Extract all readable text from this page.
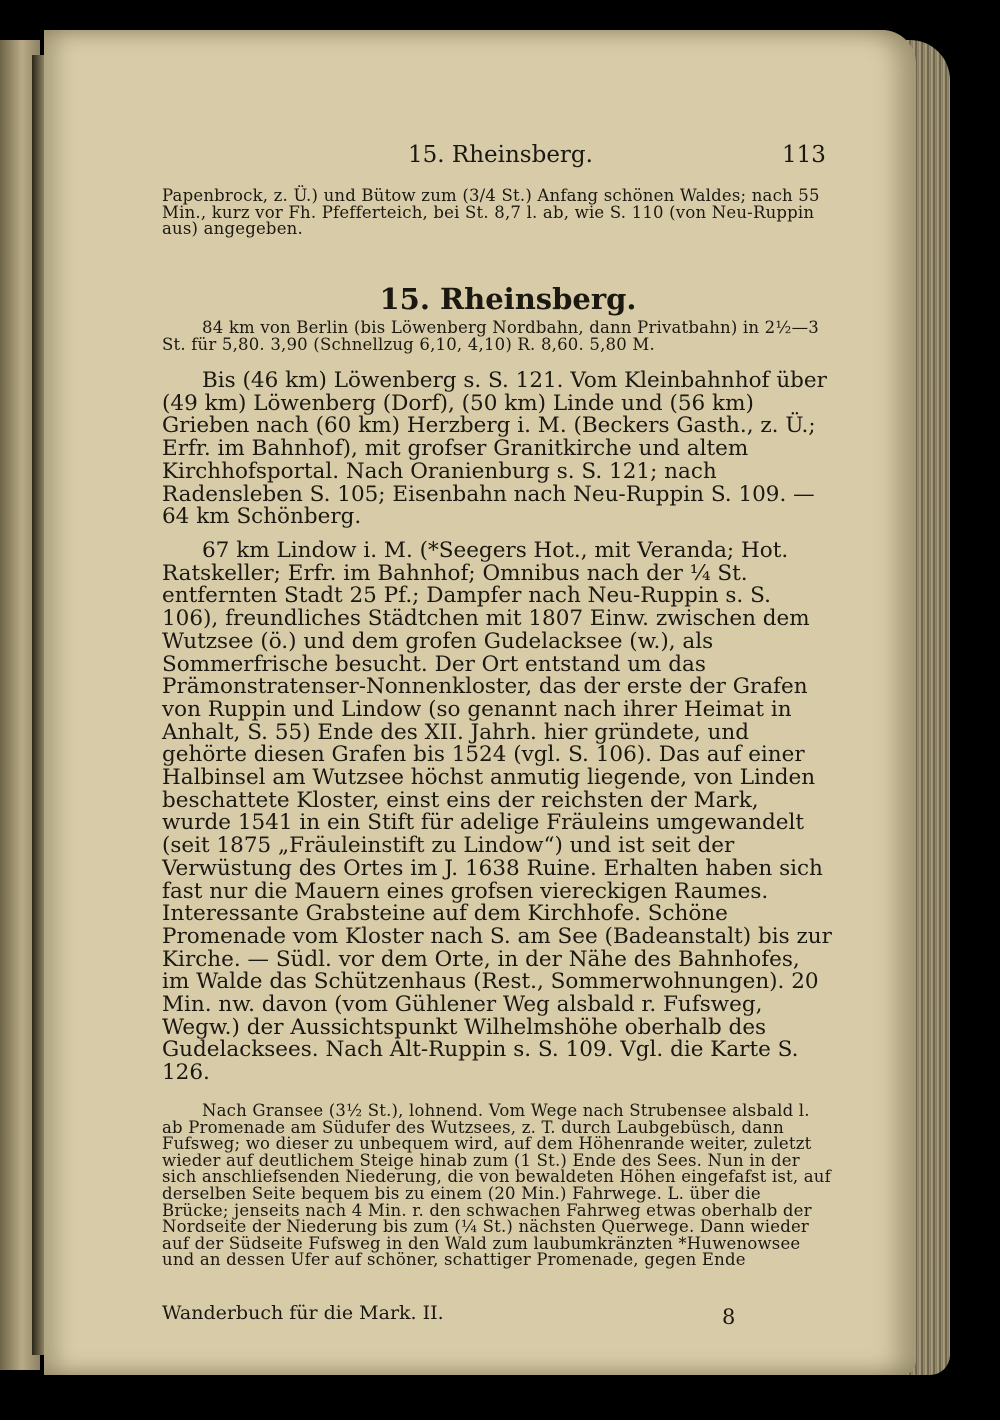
15. Rheinsberg.	113

Papenbrock, z. Ü.) und Bütow zum (3/4 St.) Anfang schönen Waldes; nach 55 Min., kurz vor Fh. Pfefferteich, bei St. 8,7 l. ab, wie S. 110 (von Neu-Ruppin aus) angegeben.

15. Rheinsberg.

84 km von Berlin (bis Löwenberg Nordbahn, dann Privatbahn) in 2½—3 St. für 5,80. 3,90 (Schnellzug 6,10, 4,10) R. 8,60. 5,80 M.

Bis (46 km) Löwenberg s. S. 121. Vom Kleinbahnhof über (49 km) Löwenberg (Dorf), (50 km) Linde und (56 km) Grieben nach (60 km) Herzberg i. M. (Beckers Gasth., z. Ü.; Erfr. im Bahnhof), mit grofser Granitkirche und altem Kirchhofsportal. Nach Oranienburg s. S. 121; nach Radensleben S. 105; Eisenbahn nach Neu-Ruppin S. 109. — 64 km Schönberg.

67 km Lindow i. M. (*Seegers Hot., mit Veranda; Hot. Ratskeller; Erfr. im Bahnhof; Omnibus nach der ¼ St. entfernten Stadt 25 Pf.; Dampfer nach Neu-Ruppin s. S. 106), freundliches Städtchen mit 1807 Einw. zwischen dem Wutzsee (ö.) und dem grofen Gudelacksee (w.), als Sommerfrische besucht. Der Ort entstand um das Prämonstratenser-Nonnenkloster, das der erste der Grafen von Ruppin und Lindow (so genannt nach ihrer Heimat in Anhalt, S. 55) Ende des XII. Jahrh. hier gründete, und gehörte diesen Grafen bis 1524 (vgl. S. 106). Das auf einer Halbinsel am Wutzsee höchst anmutig liegende, von Linden beschattete Kloster, einst eins der reichsten der Mark, wurde 1541 in ein Stift für adelige Fräuleins umgewandelt (seit 1875 „Fräuleinstift zu Lindow“) und ist seit der Verwüstung des Ortes im J. 1638 Ruine. Erhalten haben sich fast nur die Mauern eines grofsen viereckigen Raumes. Interessante Grabsteine auf dem Kirchhofe. Schöne Promenade vom Kloster nach S. am See (Badeanstalt) bis zur Kirche. — Südl. vor dem Orte, in der Nähe des Bahnhofes, im Walde das Schützenhaus (Rest., Sommerwohnungen). 20 Min. nw. davon (vom Gühlener Weg alsbald r. Fufsweg, Wegw.) der Aussichtspunkt Wilhelmshöhe oberhalb des Gudelacksees. Nach Alt-Ruppin s. S. 109. Vgl. die Karte S. 126.

Nach Gransee (3½ St.), lohnend. Vom Wege nach Strubensee alsbald l. ab Promenade am Südufer des Wutzsees, z. T. durch Laubgebüsch, dann Fufsweg; wo dieser zu unbequem wird, auf dem Höhenrande weiter, zuletzt wieder auf deutlichem Steige hinab zum (1 St.) Ende des Sees. Nun in der sich anschliefsenden Niederung, die von bewaldeten Höhen eingefafst ist, auf derselben Seite bequem bis zu einem (20 Min.) Fahrwege. L. über die Brücke; jenseits nach 4 Min. r. den schwachen Fahrweg etwas oberhalb der Nordseite der Niederung bis zum (¼ St.) nächsten Querwege. Dann wieder auf der Südseite Fufsweg in den Wald zum laubumkränzten *Huwenowsee und an dessen Ufer auf schöner, schattiger Promenade, gegen Ende

Wanderbuch für die Mark. II.	8
